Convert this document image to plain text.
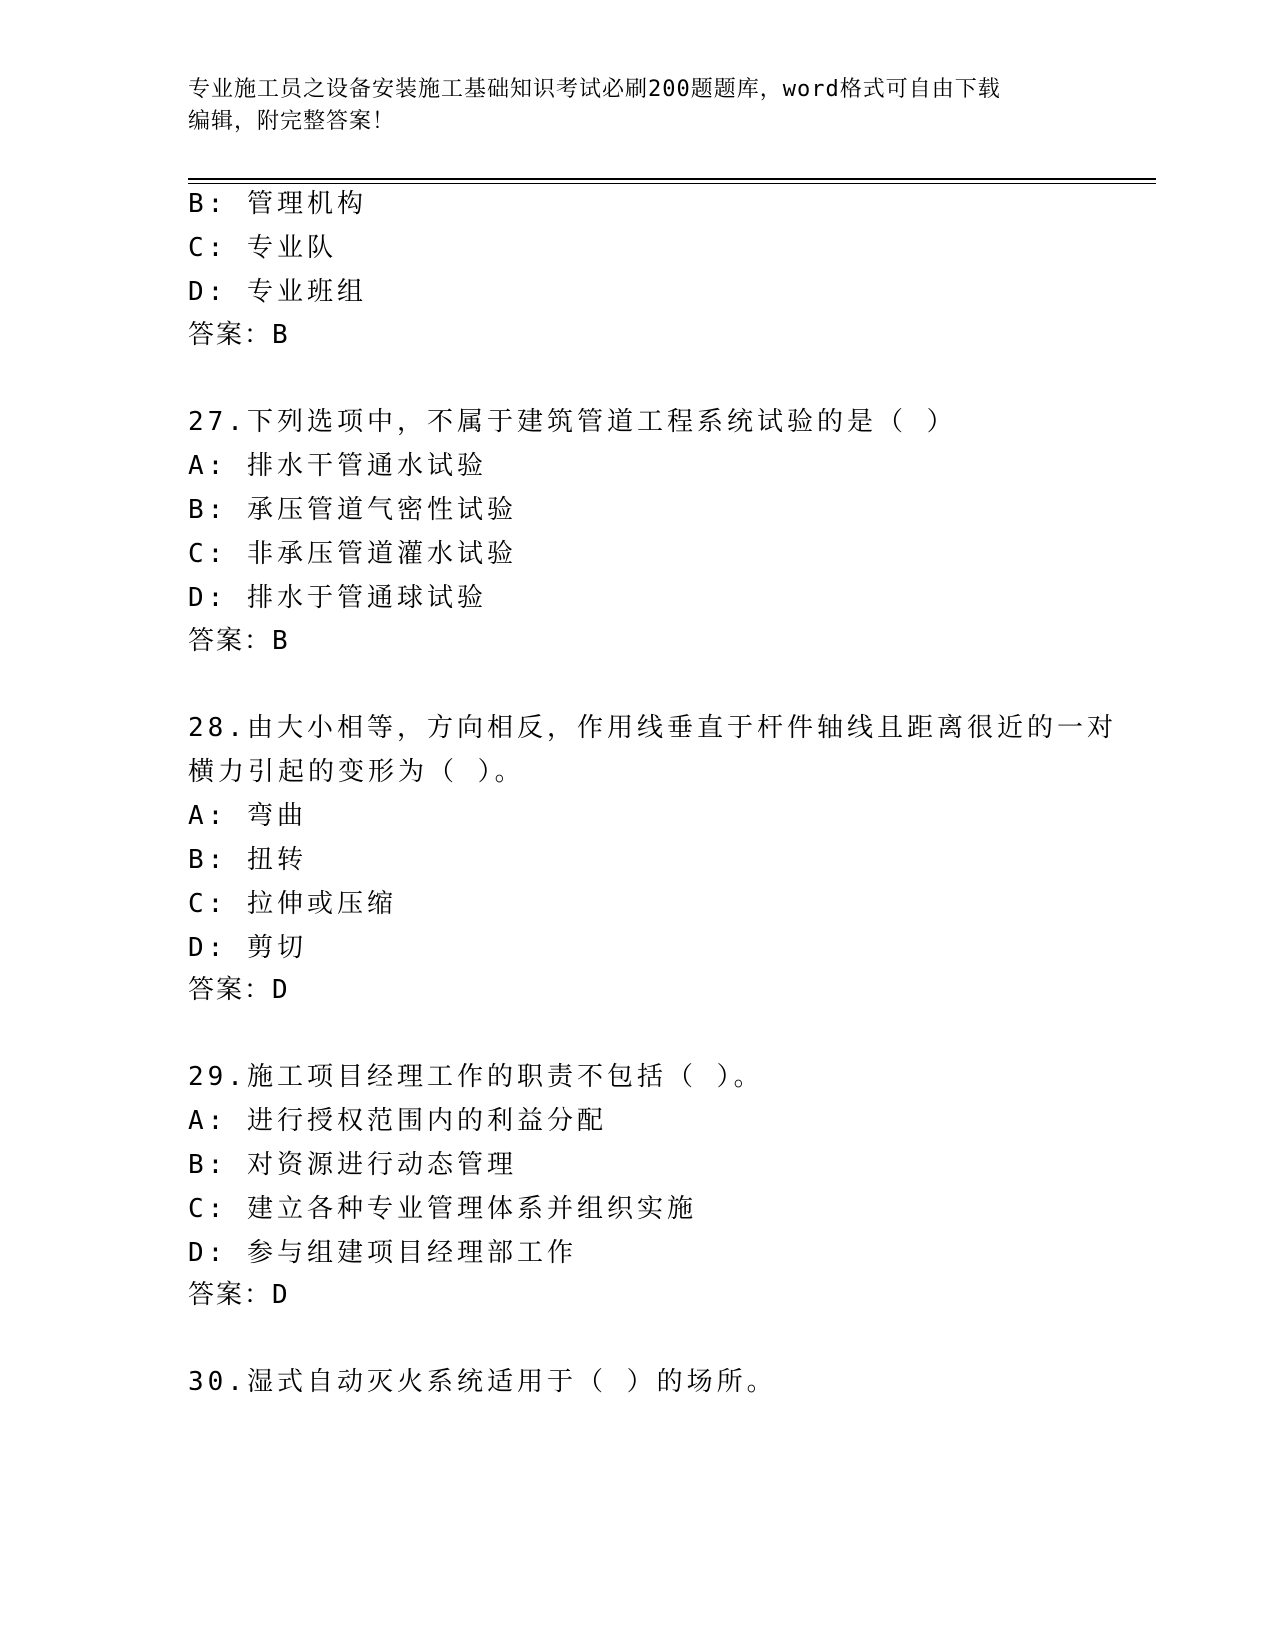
专业施工员之设备安装施工基础知识考试必刷200题题库，word格式可自由下载
编辑，附完整答案！
B: 管理机构
C: 专业队
D: 专业班组
答案：B
27.下列选项中，不属于建筑管道工程系统试验的是（ ）
A: 排水干管通水试验
B: 承压管道气密性试验
C: 非承压管道灌水试验
D: 排水于管通球试验
答案：B
28.由大小相等，方向相反，作用线垂直于杆件轴线且距离很近的一对
横力引起的变形为（ ）。
A: 弯曲
B: 扭转
C: 拉伸或压缩
D: 剪切
答案：D
29.施工项目经理工作的职责不包括（ ）。
A: 进行授权范围内的利益分配
B: 对资源进行动态管理
C: 建立各种专业管理体系并组织实施
D: 参与组建项目经理部工作
答案：D
30.湿式自动灭火系统适用于（ ）的场所。
